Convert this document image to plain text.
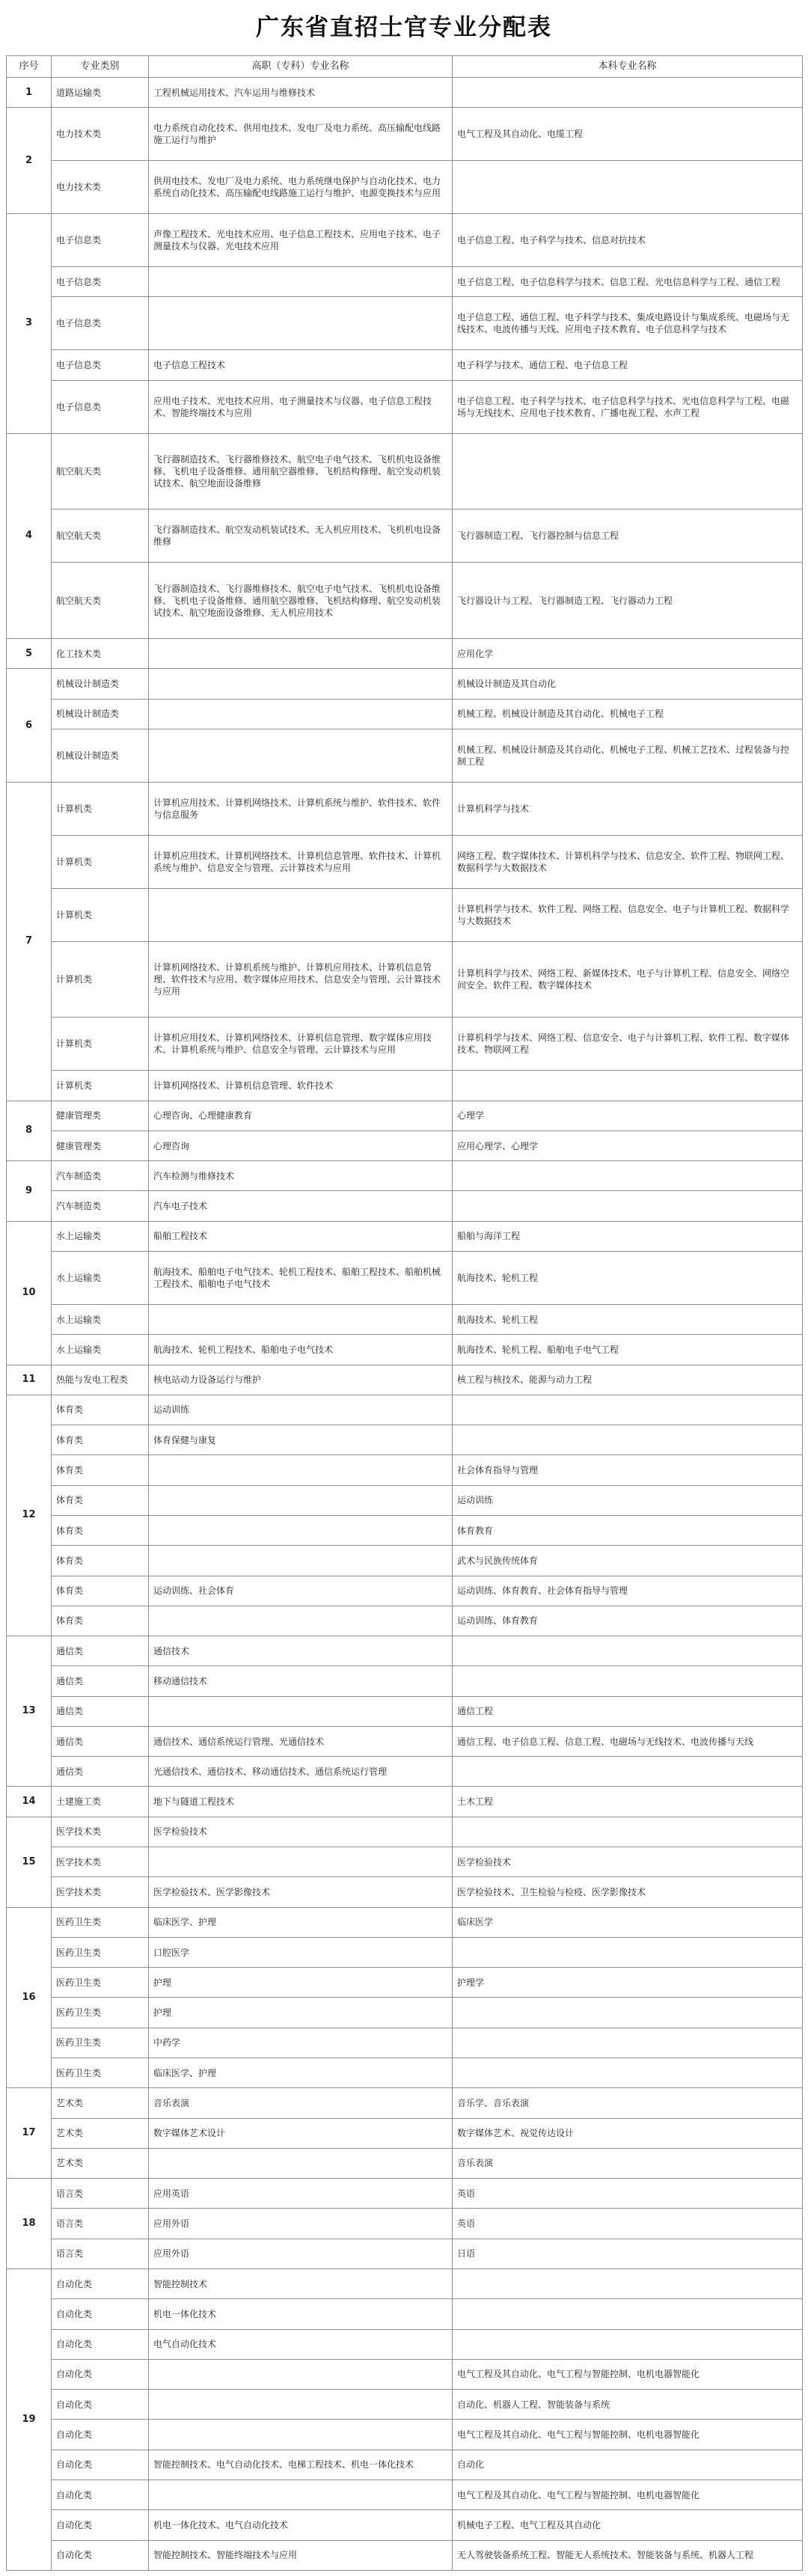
广东省直招士官专业分配表
序号	专业类别	高职（专科）专业名称	本科专业名称
1	道路运输类	工程机械运用技术、汽车运用与维修技术	
2	电力技术类	电力系统自动化技术、供用电技术、发电厂及电力系统、高压输配电线路施工运行与维护	电气工程及其自动化、电缆工程
	电力技术类	供用电技术、发电厂及电力系统、电力系统继电保护与自动化技术、电力系统自动化技术、高压输配电线路施工运行与维护、电源变换技术与应用	
3	电子信息类	声像工程技术、光电技术应用、电子信息工程技术、应用电子技术、电子测量技术与仪器、光电技术应用	电子信息工程、电子科学与技术、信息对抗技术
	电子信息类		电子信息工程、电子信息科学与技术、信息工程、光电信息科学与工程、通信工程
	电子信息类		电子信息工程、通信工程、电子科学与技术、集成电路设计与集成系统、电磁场与无线技术、电波传播与天线、应用电子技术教育、电子信息科学与技术
	电子信息类	电子信息工程技术	电子科学与技术、通信工程、电子信息工程
	电子信息类	应用电子技术、光电技术应用、电子测量技术与仪器、电子信息工程技术、智能终端技术与应用	电子信息工程、电子科学与技术、电子信息科学与技术、光电信息科学与工程、电磁场与无线技术、应用电子技术教育、广播电视工程、水声工程
4	航空航天类	飞行器制造技术、飞行器维修技术、航空电子电气技术、飞机机电设备维修、飞机电子设备维修、通用航空器维修、飞机结构修理、航空发动机装试技术、航空地面设备维修	
	航空航天类	飞行器制造技术、航空发动机装试技术、无人机应用技术、飞机机电设备维修	飞行器制造工程、飞行器控制与信息工程
	航空航天类	飞行器制造技术、飞行器维修技术、航空电子电气技术、飞机机电设备维修、飞机电子设备维修、通用航空器维修、飞机结构修理、航空发动机装试技术、航空地面设备维修、无人机应用技术	飞行器设计与工程、飞行器制造工程、飞行器动力工程
5	化工技术类		应用化学
6	机械设计制造类		机械设计制造及其自动化
	机械设计制造类		机械工程、机械设计制造及其自动化、机械电子工程
	机械设计制造类		机械工程、机械设计制造及其自动化、机械电子工程、机械工艺技术、过程装备与控制工程
7	计算机类	计算机应用技术、计算机网络技术、计算机系统与维护、软件技术、软件与信息服务	计算机科学与技术
	计算机类	计算机应用技术、计算机网络技术、计算机信息管理、软件技术、计算机系统与维护、信息安全与管理、云计算技术与应用	网络工程、数字媒体技术、计算机科学与技术、信息安全、软件工程、物联网工程、数据科学与大数据技术
	计算机类		计算机科学与技术、软件工程、网络工程、信息安全、电子与计算机工程、数据科学与大数据技术
	计算机类	计算机网络技术、计算机系统与维护、计算机应用技术、计算机信息管理、软件技术与应用、数字媒体应用技术、信息安全与管理、云计算技术与应用	计算机科学与技术、网络工程、新媒体技术、电子与计算机工程、信息安全、网络空间安全、软件工程、数字媒体技术
	计算机类	计算机应用技术、计算机网络技术、计算机信息管理、数字媒体应用技术、计算机系统与维护、信息安全与管理、云计算技术与应用	计算机科学与技术、网络工程、信息安全、电子与计算机工程、软件工程、数字媒体技术、物联网工程
	计算机类	计算机网络技术、计算机信息管理、软件技术	
8	健康管理类	心理咨询、心理健康教育	心理学
	健康管理类	心理咨询	应用心理学、心理学
9	汽车制造类	汽车检测与维修技术	
	汽车制造类	汽车电子技术	
10	水上运输类	船舶工程技术	船舶与海洋工程
	水上运输类	航海技术、船舶电子电气技术、轮机工程技术、船舶工程技术、船舶机械工程技术、船舶电子电气技术	航海技术、轮机工程
	水上运输类		航海技术、轮机工程
	水上运输类	航海技术、轮机工程技术、船舶电子电气技术	航海技术、轮机工程、船舶电子电气工程
11	热能与发电工程类	核电站动力设备运行与维护	核工程与核技术、能源与动力工程
12	体育类	运动训练	
	体育类	体育保健与康复	
	体育类		社会体育指导与管理
	体育类		运动训练
	体育类		体育教育
	体育类		武术与民族传统体育
	体育类	运动训练、社会体育	运动训练、体育教育、社会体育指导与管理
	体育类		运动训练、体育教育
13	通信类	通信技术	
	通信类	移动通信技术	
	通信类		通信工程
	通信类	通信技术、通信系统运行管理、光通信技术	通信工程、电子信息工程、信息工程、电磁场与无线技术、电波传播与天线
	通信类	光通信技术、通信技术、移动通信技术、通信系统运行管理	
14	土建施工类	地下与隧道工程技术	土木工程
15	医学技术类	医学检验技术	
	医学技术类		医学检验技术
	医学技术类	医学检验技术、医学影像技术	医学检验技术、卫生检验与检疫、医学影像技术
16	医药卫生类	临床医学、护理	临床医学
	医药卫生类	口腔医学	
	医药卫生类	护理	护理学
	医药卫生类	护理	
	医药卫生类	中药学	
	医药卫生类	临床医学、护理	
17	艺术类	音乐表演	音乐学、音乐表演
	艺术类	数字媒体艺术设计	数字媒体艺术、视觉传达设计
	艺术类		音乐表演
18	语言类	应用英语	英语
	语言类	应用外语	英语
	语言类	应用外语	日语
19	自动化类	智能控制技术	
	自动化类	机电一体化技术	
	自动化类	电气自动化技术	
	自动化类		电气工程及其自动化、电气工程与智能控制、电机电器智能化
	自动化类		自动化、机器人工程、智能装备与系统
	自动化类		电气工程及其自动化、电气工程与智能控制、电机电器智能化
	自动化类	智能控制技术、电气自动化技术、电梯工程技术、机电一体化技术	自动化
	自动化类		电气工程及其自动化、电气工程与智能控制、电机电器智能化
	自动化类	机电一体化技术、电气自动化技术	机械电子工程、电气工程及其自动化
	自动化类	智能控制技术、智能终端技术与应用	无人驾驶装备系统工程、智能无人系统技术、智能装备与系统、机器人工程
